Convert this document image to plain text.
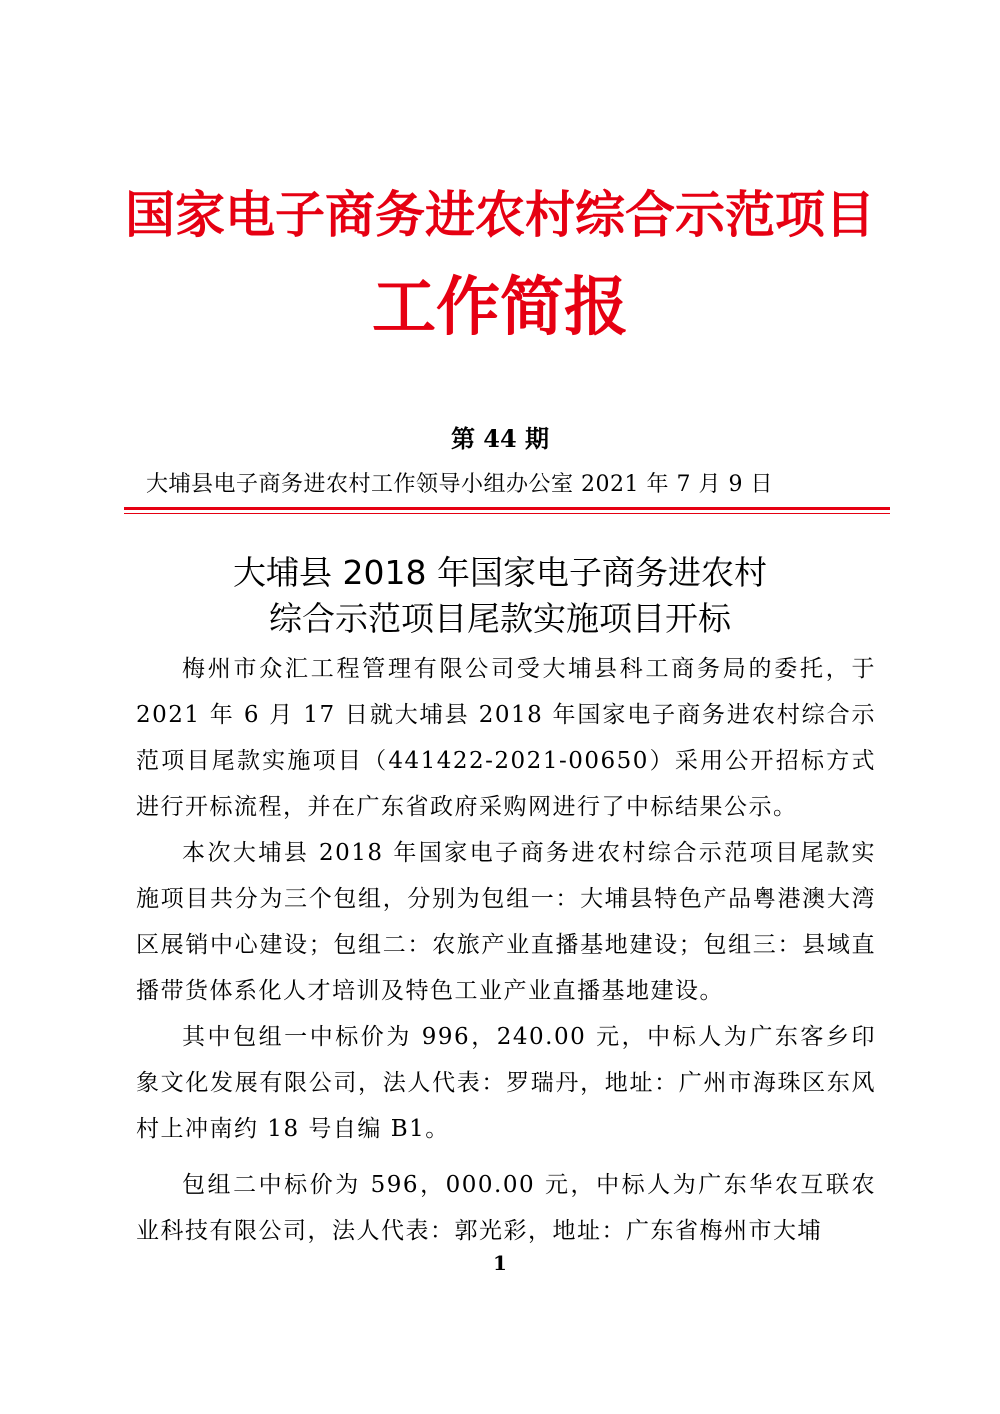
国家电子商务进农村综合示范项目
工作简报
第 44 期
大埔县电子商务进农村工作领导小组办公室 2021 年 7 月 9 日
大埔县 2018 年国家电子商务进农村
综合示范项目尾款实施项目开标

梅州市众汇工程管理有限公司受大埔县科工商务局的委托，于 2021 年 6 月 17 日就大埔县 2018 年国家电子商务进农村综合示范项目尾款实施项目（441422-2021-00650）采用公开招标方式进行开标流程，并在广东省政府采购网进行了中标结果公示。

本次大埔县 2018 年国家电子商务进农村综合示范项目尾款实施项目共分为三个包组，分别为包组一：大埔县特色产品粤港澳大湾区展销中心建设；包组二：农旅产业直播基地建设；包组三：县域直播带货体系化人才培训及特色工业产业直播基地建设。

其中包组一中标价为 996，240.00 元，中标人为广东客乡印象文化发展有限公司，法人代表：罗瑞丹，地址：广州市海珠区东风村上冲南约 18 号自编 B1。

包组二中标价为 596，000.00 元，中标人为广东华农互联农业科技有限公司，法人代表：郭光彩，地址：广东省梅州市大埔

1
